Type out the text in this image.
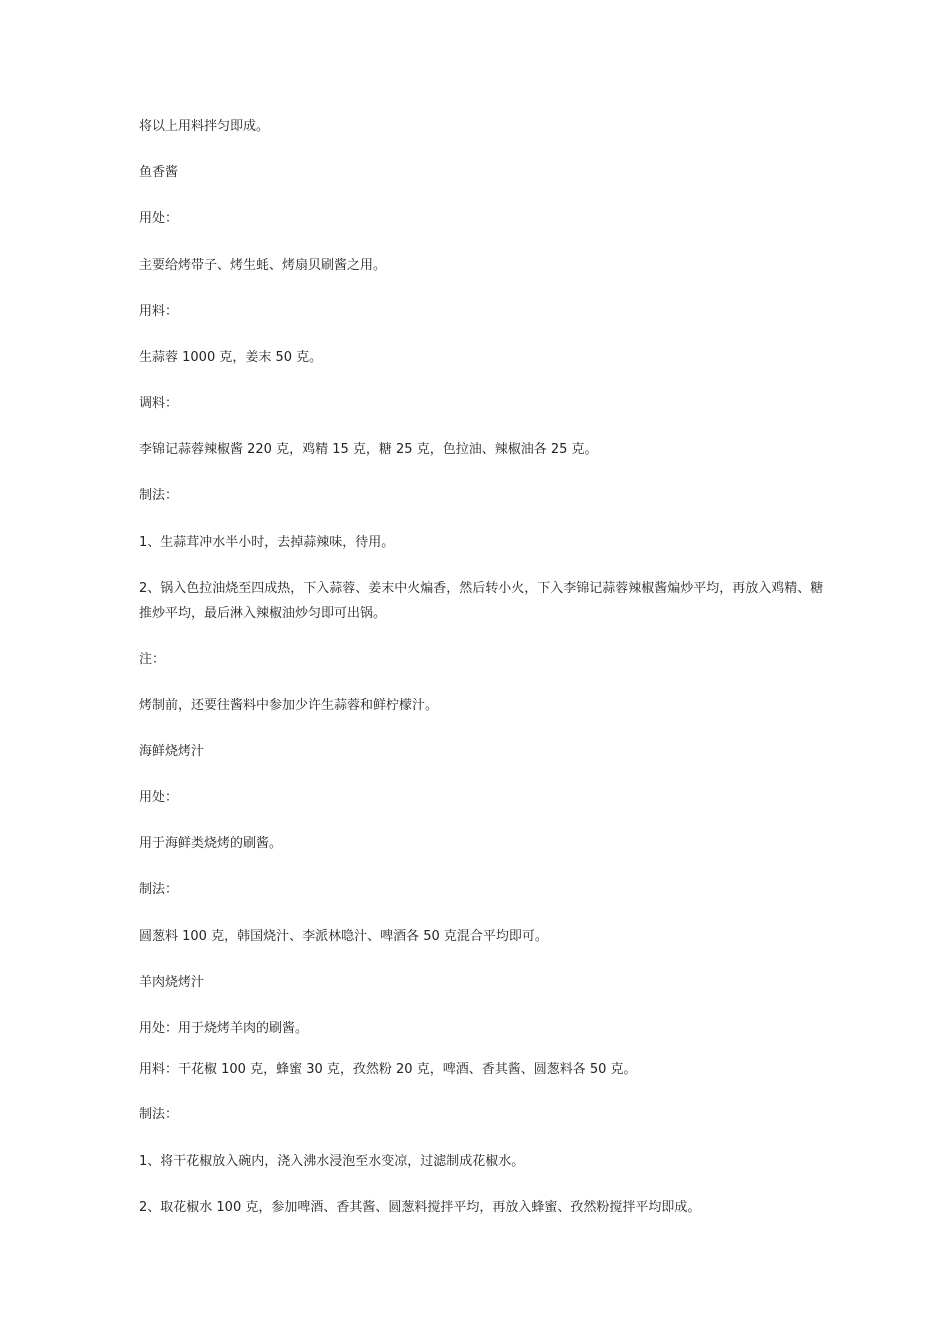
将以上用料拌匀即成。
鱼香酱
用处：
主要给烤带子、烤生蚝、烤扇贝刷酱之用。
用料：
生蒜蓉 1000 克，姜末 50 克。
调料：
李锦记蒜蓉辣椒酱 220 克，鸡精 15 克，糖 25 克，色拉油、辣椒油各 25 克。
制法：
1、生蒜茸冲水半小时，去掉蒜辣味，待用。
2、锅入色拉油烧至四成热，下入蒜蓉、姜末中火煸香，然后转小火，下入李锦记蒜蓉辣椒酱煸炒平均，再放入鸡精、糖推炒平均，最后淋入辣椒油炒匀即可出锅。
注：
烤制前，还要往酱料中参加少许生蒜蓉和鲜柠檬汁。
海鲜烧烤汁
用处：
用于海鲜类烧烤的刷酱。
制法：
圆葱料 100 克，韩国烧汁、李派林喼汁、啤酒各 50 克混合平均即可。
羊肉烧烤汁
用处：用于烧烤羊肉的刷酱。
用料：干花椒 100 克，蜂蜜 30 克，孜然粉 20 克，啤酒、香其酱、圆葱料各 50 克。
制法：
1、将干花椒放入碗内，浇入沸水浸泡至水变凉，过滤制成花椒水。
2、取花椒水 100 克，参加啤酒、香其酱、圆葱料搅拌平均，再放入蜂蜜、孜然粉搅拌平均即成。
